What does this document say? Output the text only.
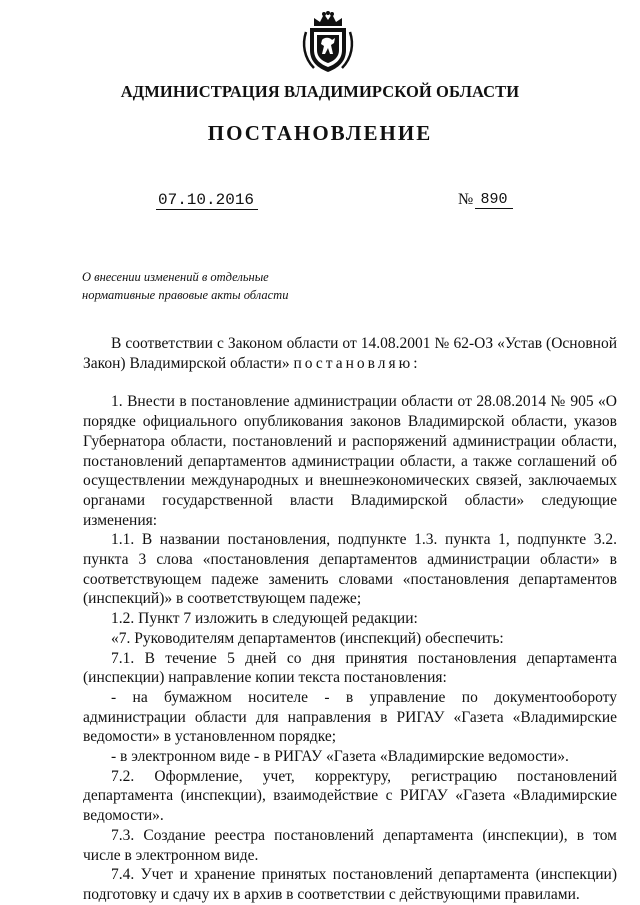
АДМИНИСТРАЦИЯ ВЛАДИМИРСКОЙ ОБЛАСТИ
ПОСТАНОВЛЕНИЕ
07.10.2016	№ 890
О внесении изменений в отдельные
нормативные правовые акты области

В соответствии с Законом области от 14.08.2001 № 62-ОЗ «Устав (Основной Закон) Владимирской области» постановляю:

1. Внести в постановление администрации области от 28.08.2014 № 905 «О порядке официального опубликования законов Владимирской области, указов Губернатора области, постановлений и распоряжений администрации области, постановлений департаментов администрации области, а также соглашений об осуществлении международных и внешнеэкономических связей, заключаемых органами государственной власти Владимирской области» следующие изменения:

1.1. В названии постановления, подпункте 1.3. пункта 1, подпункте 3.2. пункта 3 слова «постановления департаментов администрации области» в соответствующем падеже заменить словами «постановления департаментов (инспекций)» в соответствующем падеже;

1.2. Пункт 7 изложить в следующей редакции:

«7. Руководителям департаментов (инспекций) обеспечить:

7.1. В течение 5 дней со дня принятия постановления департамента (инспекции) направление копии текста постановления:

- на бумажном носителе - в управление по документообороту администрации области для направления в РИГАУ «Газета «Владимирские ведомости» в установленном порядке;

- в электронном виде - в РИГАУ «Газета «Владимирские ведомости».

7.2. Оформление, учет, корректуру, регистрацию постановлений департамента (инспекции), взаимодействие с РИГАУ «Газета «Владимирские ведомости».

7.3. Создание реестра постановлений департамента (инспекции), в том числе в электронном виде.

7.4. Учет и хранение принятых постановлений департамента (инспекции) подготовку и сдачу их в архив в соответствии с действующими правилами.
